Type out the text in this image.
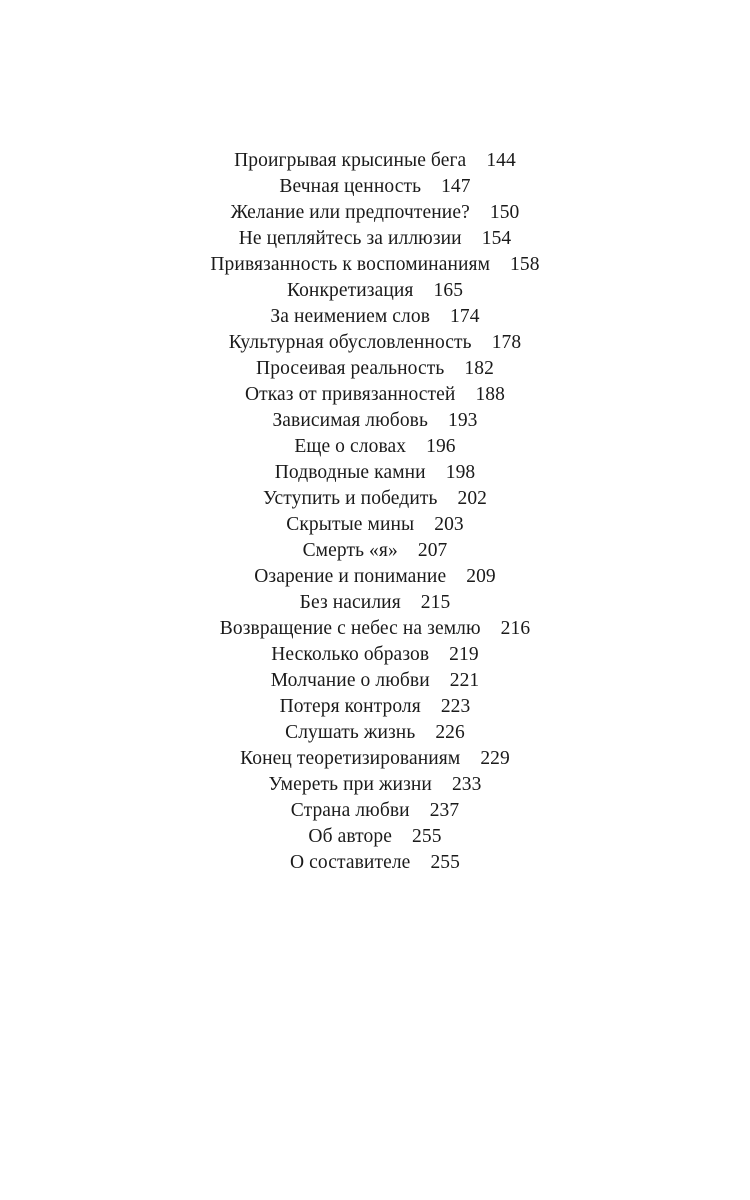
Проигрывая крысиные бега 144
Вечная ценность 147
Желание или предпочтение? 150
Не цепляйтесь за иллюзии 154
Привязанность к воспоминаниям 158
Конкретизация 165
За неимением слов 174
Культурная обусловленность 178
Просеивая реальность 182
Отказ от привязанностей 188
Зависимая любовь 193
Еще о словах 196
Подводные камни 198
Уступить и победить 202
Скрытые мины 203
Смерть «я» 207
Озарение и понимание 209
Без насилия 215
Возвращение с небес на землю 216
Несколько образов 219
Молчание о любви 221
Потеря контроля 223
Слушать жизнь 226
Конец теоретизированиям 229
Умереть при жизни 233
Страна любви 237
Об авторе 255
О составителе 255
